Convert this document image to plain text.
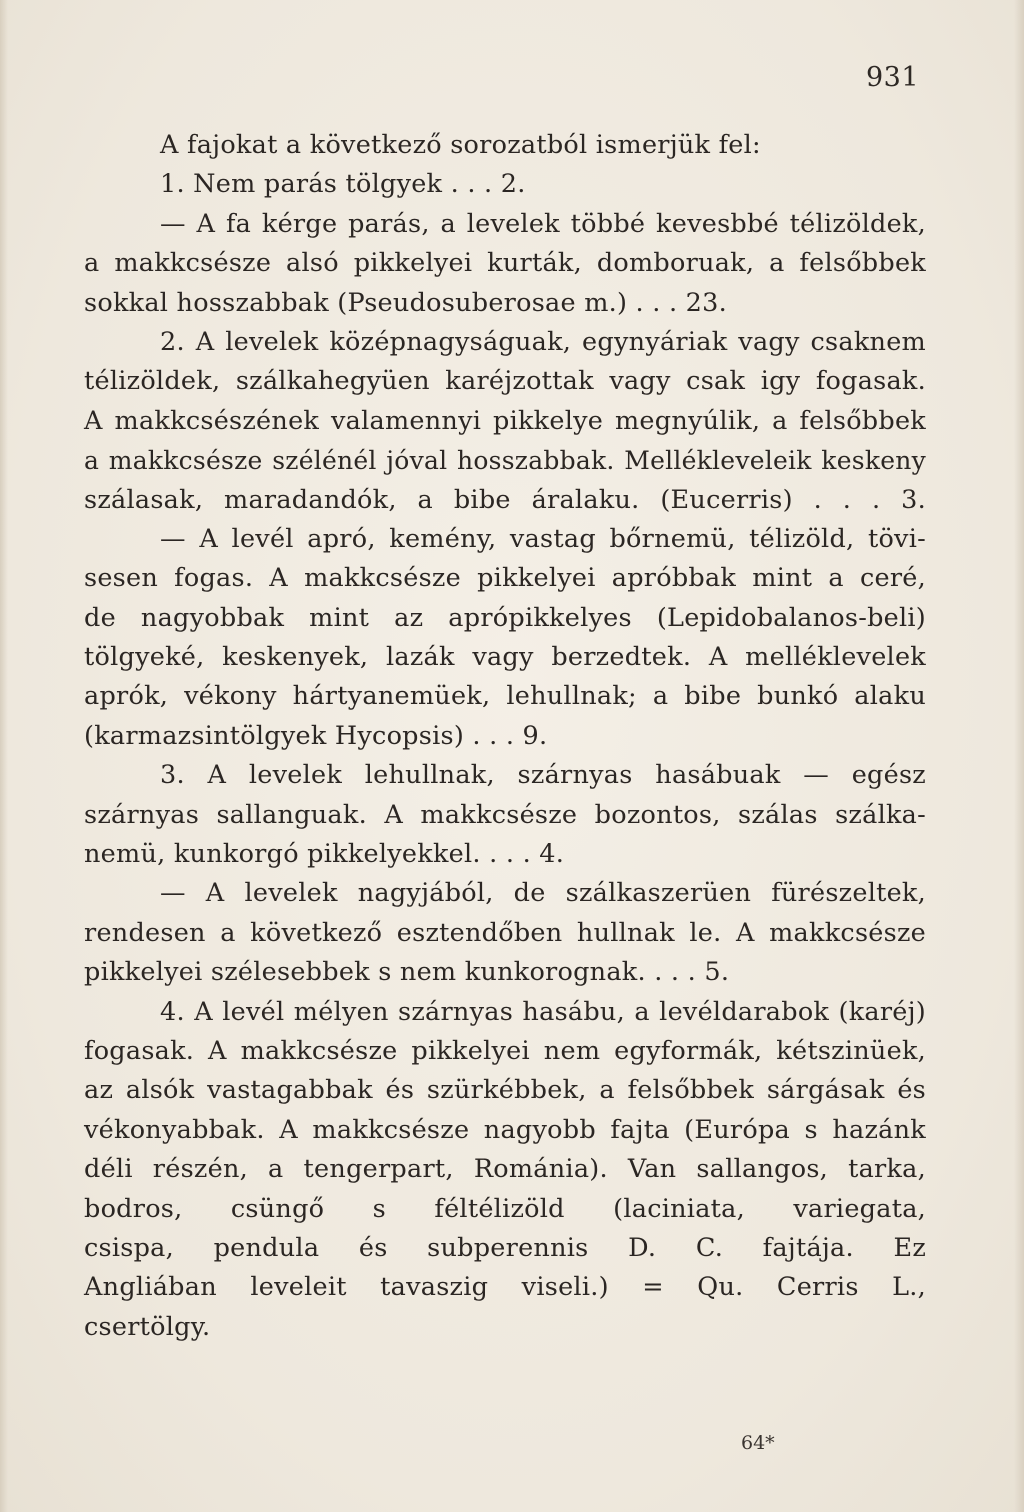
931
A fajokat a következő sorozatból ismerjük fel:
1. Nem parás tölgyek . . . 2.
— A fa kérge parás, a levelek többé kevesbbé télizöldek,
a makkcsésze alsó pikkelyei kurták, domboruak, a felsőbbek
sokkal hosszabbak (Pseudosuberosae m.) . . . 23.
2. A levelek középnagyságuak, egynyáriak vagy csaknem
télizöldek, szálkahegyüen karéjzottak vagy csak igy fogasak.
A makkcsészének valamennyi pikkelye megnyúlik, a felsőbbek
a makkcsésze szélénél jóval hosszabbak. Mellékleveleik keskeny
szálasak, maradandók, a bibe áralaku. (Eucerris) . . . 3.
— A levél apró, kemény, vastag bőrnemü, télizöld, tövi-
sesen fogas. A makkcsésze pikkelyei apróbbak mint a ceré,
de nagyobbak mint az aprópikkelyes (Lepidobalanos-beli)
tölgyeké, keskenyek, lazák vagy berzedtek. A melléklevelek
aprók, vékony hártyanemüek, lehullnak; a bibe bunkó alaku
(karmazsintölgyek Hycopsis) . . . 9.
3. A levelek lehullnak, szárnyas hasábuak — egész
szárnyas sallanguak. A makkcsésze bozontos, szálas szálka-
nemü, kunkorgó pikkelyekkel. . . . 4.
— A levelek nagyjából, de szálkaszerüen fürészeltek,
rendesen a következő esztendőben hullnak le. A makkcsésze
pikkelyei szélesebbek s nem kunkorognak. . . . 5.
4. A levél mélyen szárnyas hasábu, a levéldarabok (karéj)
fogasak. A makkcsésze pikkelyei nem egyformák, kétszinüek,
az alsók vastagabbak és szürkébbek, a felsőbbek sárgásak és
vékonyabbak. A makkcsésze nagyobb fajta (Európa s hazánk
déli részén, a tengerpart, Románia). Van sallangos, tarka,
bodros, csüngő s féltélizöld (laciniata, variegata,
csispa, pendula és subperennis D. C. fajtája. Ez
Angliában leveleit tavaszig viseli.) = Qu. Cerris L.,
csertölgy.
64*
